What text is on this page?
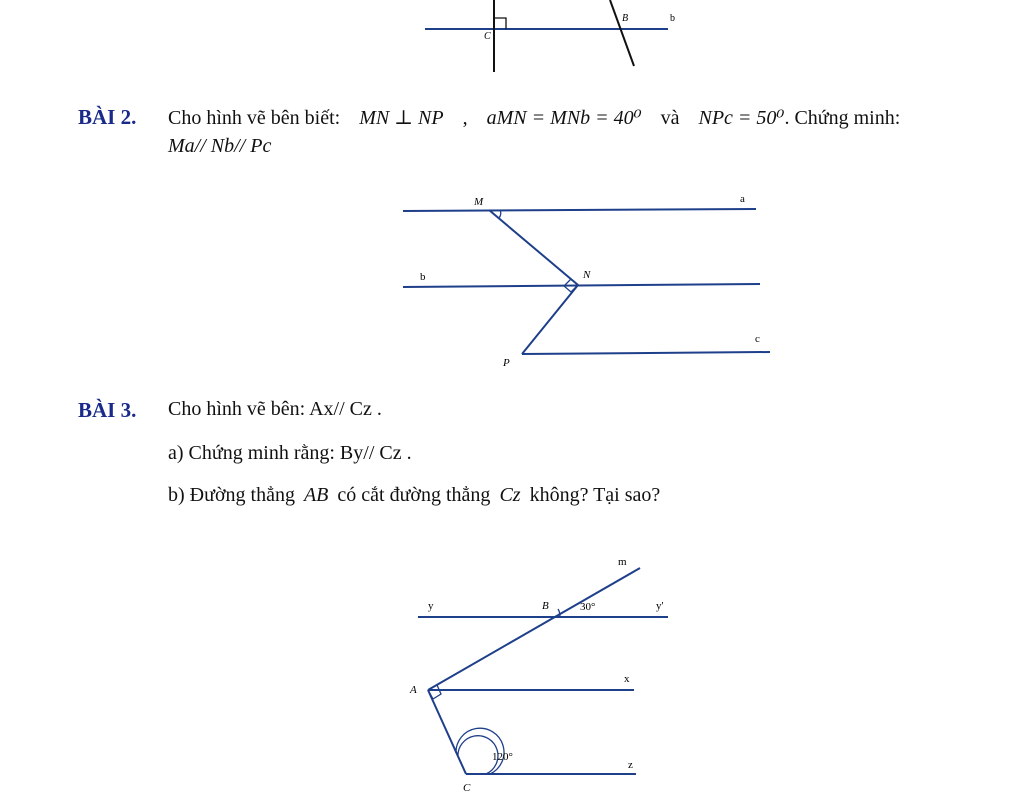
C
B	b
BÀI 2. Cho hình vẽ bên biết: MN ⊥ NP , aMN = MNb = 40⁰ và NPc = 50⁰. Chứng minh:
Ma// Nb// Pc
M	a
b	N
c
P
BÀI 3. Cho hình vẽ bên: Ax// Cz .
a) Chứng minh rằng: By// Cz .
b) Đường thẳng AB có cắt đường thẳng Cz không? Tại sao?
m
y	B	30°	y'
A
x
120°
z
C
